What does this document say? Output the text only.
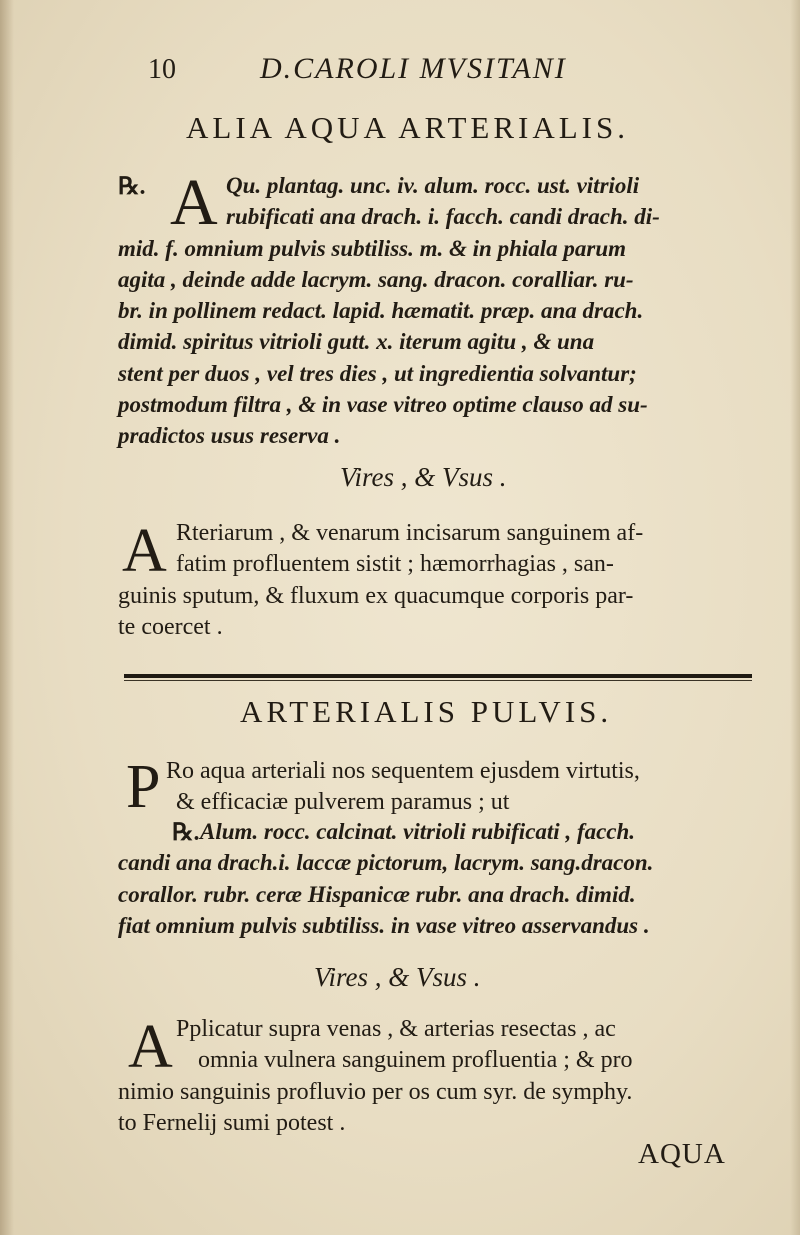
10	D.CAROLI MVSITANI
ALIA AQUA ARTERIALIS.
℞. A Qu. plantag. unc. iv. alum. rocc. ust. vitrioli
rubificati ana drach. i. facch. candi drach. di-
mid. f. omnium pulvis subtiliss. m. & in phiala parum
agita , deinde adde lacrym. sang. dracon. coralliar. ru-
br. in pollinem redact. lapid. hæmatit. præp. ana drach.
dimid. spiritus vitrioli gutt. x. iterum agitu , & una
stent per duos , vel tres dies , ut ingredientia solvantur;
postmodum filtra , & in vase vitreo optime clauso ad su-
pradictos usus reserva .
Vires , & Vsus .
A Rteriarum , & venarum incisarum sanguinem af-
fatim profluentem sistit ; hæmorrhagias , san-
guinis sputum, & fluxum ex quacumque corporis par-
te coercet .
ARTERIALIS PULVIS.
P Ro aqua arteriali nos sequentem ejusdem virtutis,
& efficaciæ pulverem paramus ; ut
℞. Alum. rocc. calcinat. vitrioli rubificati , facch.
candi ana drach.i. laccæ pictorum, lacrym. sang.dracon.
corallor. rubr. ceræ Hispanicæ rubr. ana drach. dimid.
fiat omnium pulvis subtiliss. in vase vitreo asservandus .
Vires , & Vsus .
A Pplicatur supra venas , & arterias resectas , ac
omnia vulnera sanguinem profluentia ; & pro
nimio sanguinis profluvio per os cum syr. de symphy.
to Fernelij sumi potest .
AQUA
